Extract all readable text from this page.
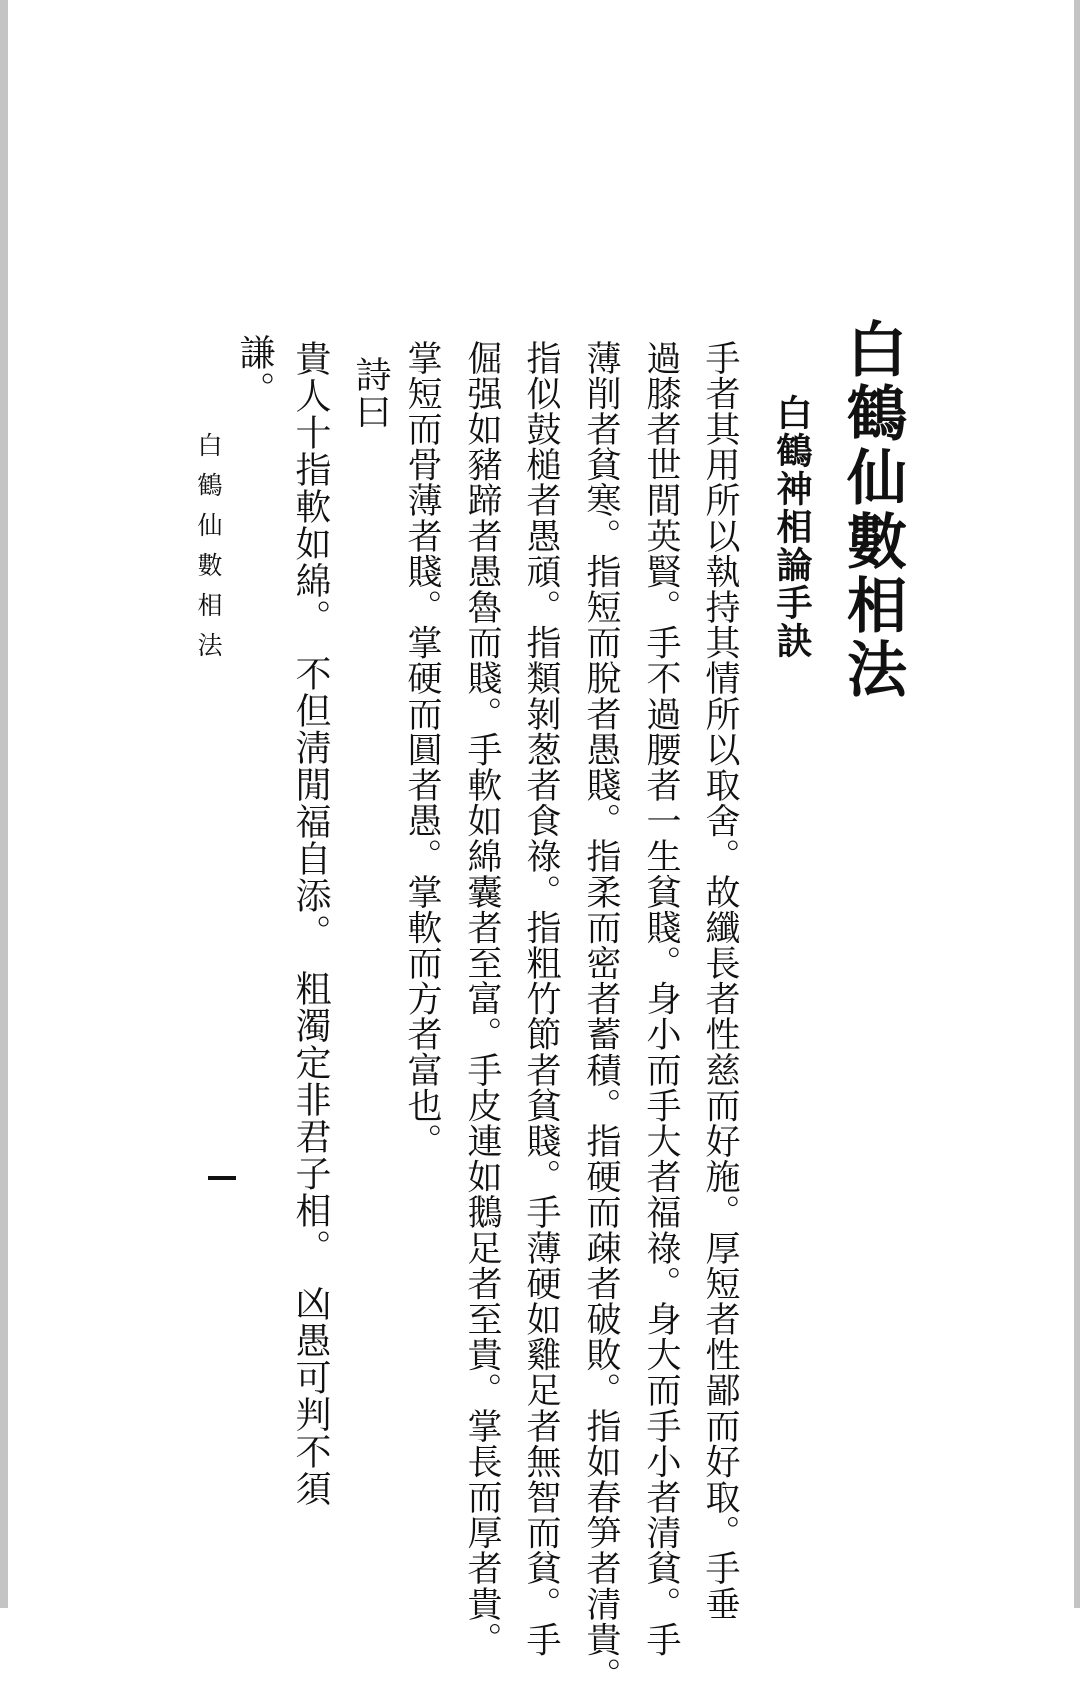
白鶴仙數相法
白鶴神相論手訣
手者其用所以執持其情所以取舍。故纖長者性慈而好施。厚短者性鄙而好取。手垂
過膝者世間英賢。手不過腰者一生貧賤。身小而手大者福祿。身大而手小者清貧。手
薄削者貧寒。指短而脫者愚賤。指柔而密者蓄積。指硬而疎者破敗。指如春笋者清貴。
指似鼓槌者愚頑。指類剝葱者食祿。指粗竹節者貧賤。手薄硬如雞足者無智而貧。手
倔强如豬蹄者愚魯而賤。手軟如綿囊者至富。手皮連如鵝足者至貴。掌長而厚者貴。
掌短而骨薄者賤。掌硬而圓者愚。掌軟而方者富也。
詩曰
貴人十指軟如綿。　不但淸閒福自添。　粗濁定非君子相。　凶愚可判不須
謙。
白鶴仙數相法
